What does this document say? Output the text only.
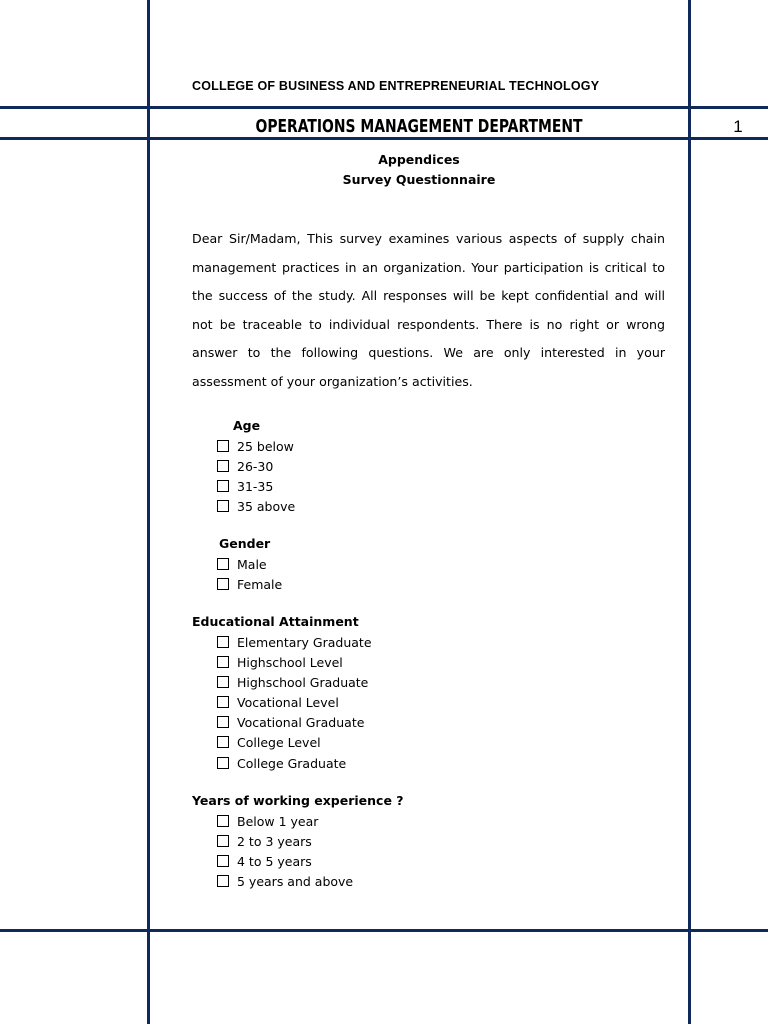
COLLEGE OF BUSINESS AND ENTREPRENEURIAL TECHNOLOGY
OPERATIONS MANAGEMENT DEPARTMENT	1
Appendices
Survey Questionnaire
Dear Sir/Madam, This survey examines various aspects of supply chain management practices in an organization. Your participation is critical to the success of the study. All responses will be kept confidential and will not be traceable to individual respondents. There is no right or wrong answer to the following questions. We are only interested in your assessment of your organization’s activities.
Age
25 below
26-30
31-35
35 above
Gender
Male
Female
Educational Attainment
Elementary Graduate
Highschool Level
Highschool Graduate
Vocational Level
Vocational Graduate
College Level
College Graduate
Years of working experience ?
Below 1 year
2 to 3 years
4 to 5 years
5 years and above
